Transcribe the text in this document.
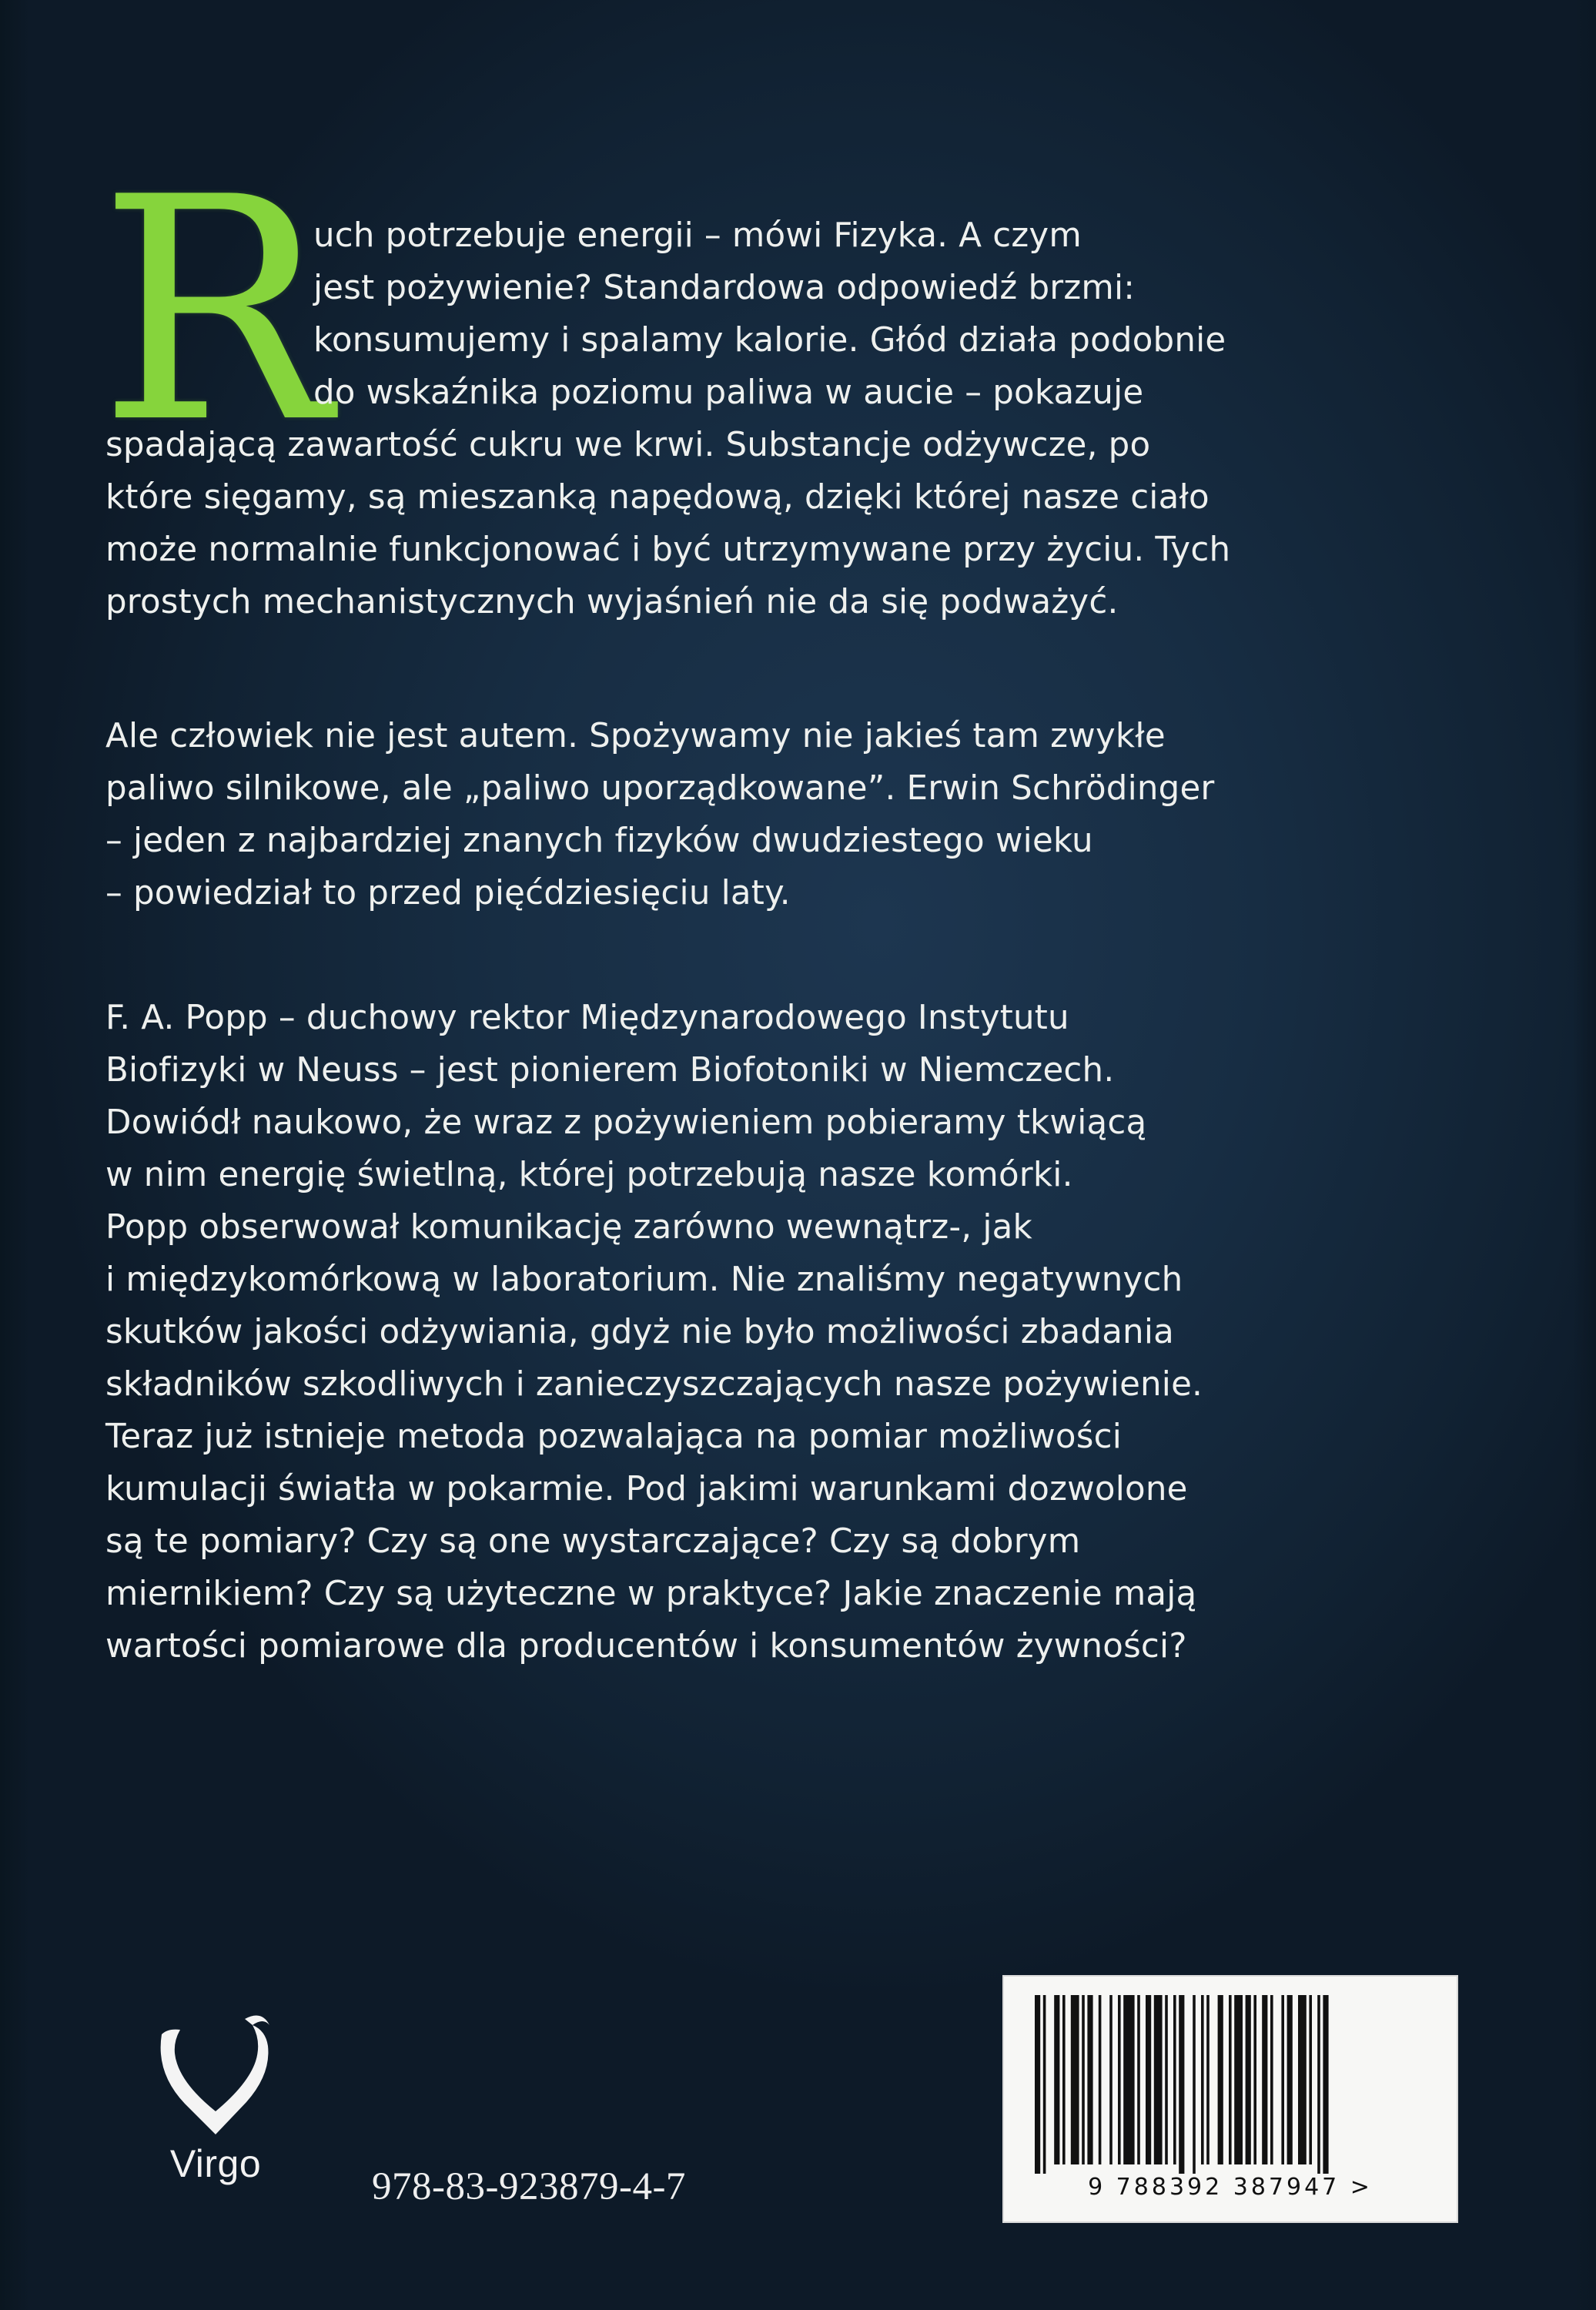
R
uch potrzebuje energii – mówi Fizyka. A czym
jest pożywienie? Standardowa odpowiedź brzmi:
konsumujemy i spalamy kalorie. Głód działa podobnie
do wskaźnika poziomu paliwa w aucie – pokazuje
spadającą zawartość cukru we krwi. Substancje odżywcze, po
które sięgamy, są mieszanką napędową, dzięki której nasze ciało
może normalnie funkcjonować i być utrzymywane przy życiu. Tych
prostych mechanistycznych wyjaśnień nie da się podważyć.
Ale człowiek nie jest autem. Spożywamy nie jakieś tam zwykłe
paliwo silnikowe, ale „paliwo uporządkowane”. Erwin Schrödinger
– jeden z najbardziej znanych fizyków dwudziestego wieku
– powiedział to przed pięćdziesięciu laty.
F. A. Popp – duchowy rektor Międzynarodowego Instytutu
Biofizyki w Neuss – jest pionierem Biofotoniki w Niemczech.
Dowiódł naukowo, że wraz z pożywieniem pobieramy tkwiącą
w nim energię świetlną, której potrzebują nasze komórki.
Popp obserwował komunikację zarówno wewnątrz-, jak
i międzykomórkową w laboratorium. Nie znaliśmy negatywnych
skutków jakości odżywiania, gdyż nie było możliwości zbadania
składników szkodliwych i zanieczyszczających nasze pożywienie.
Teraz już istnieje metoda pozwalająca na pomiar możliwości
kumulacji światła w pokarmie. Pod jakimi warunkami dozwolone
są te pomiary? Czy są one wystarczające? Czy są dobrym
miernikiem? Czy są użyteczne w praktyce? Jakie znaczenie mają
wartości pomiarowe dla producentów i konsumentów żywności?
Virgo
978-83-923879-4-7	9 788392 387947 >
